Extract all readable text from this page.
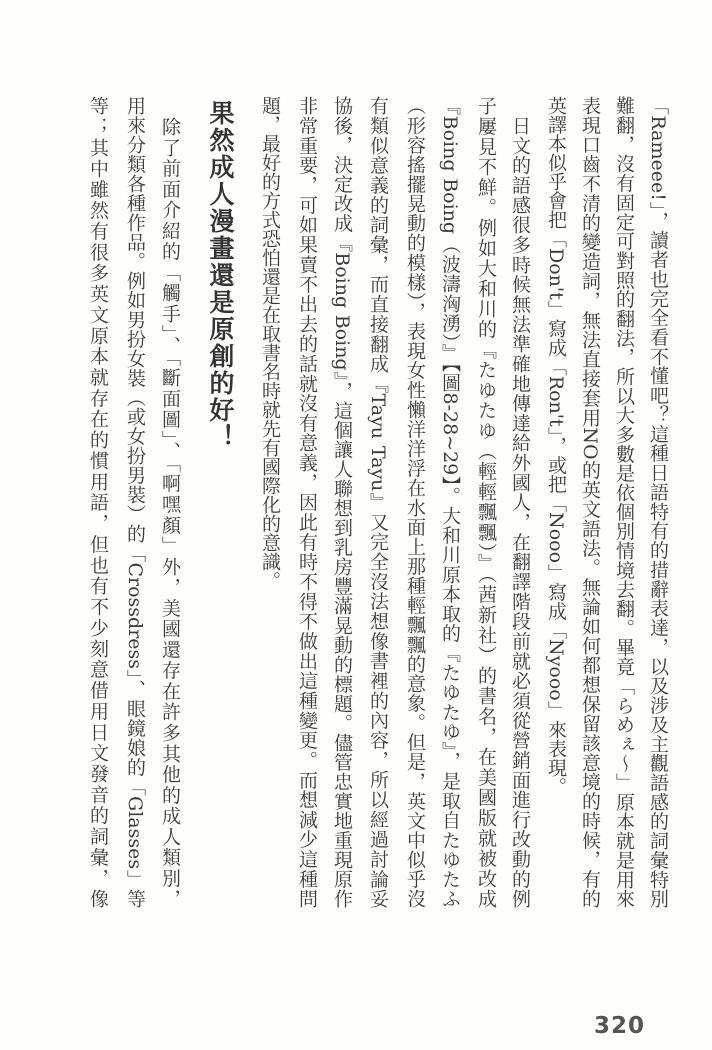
「Rameee!」，讀者也完全看不懂吧？這種日語特有的措辭表達，以及涉及主觀語感的詞彙特別
難翻，沒有固定可對照的翻法，所以大多數是依個別情境去翻。畢竟「らめぇ～」原本就是用來
表現口齒不清的變造詞，無法直接套用NO的英文語法。無論如何都想保留該意境的時候，有的
英譯本似乎會把「Don't」寫成「Ron't」，或把「Nooo」寫成「Nyooo」來表現。
　日文的語感很多時候無法準確地傳達給外國人，在翻譯階段前就必須從營銷面進行改動的例
子屢見不鮮。例如大和川的『たゆたゆ（輕輕飄飄）』（茜新社）的書名，在美國版就被改成
『Boing Boing（波濤洶湧）』【圖8-28~29】。大和川原本取的『たゆたゆ』，是取自たゆたふ
（形容搖擺晃動的模樣），表現女性懶洋洋浮在水面上那種輕飄飄的意象。但是，英文中似乎沒
有類似意義的詞彙，而直接翻成『Tayu Tayu』又完全沒法想像書裡的內容，所以經過討論妥
協後，決定改成『Boing Boing』，這個讓人聯想到乳房豐滿晃動的標題。儘管忠實地重現原作
非常重要，可如果賣不出去的話就沒有意義，因此有時不得不做出這種變更。而想減少這種問
題，最好的方式恐怕還是在取書名時就先有國際化的意識。
果然成人漫畫還是原創的好！
　除了前面介紹的「觸手」、「斷面圖」、「啊嘿顏」外，美國還存在許多其他的成人類別，
用來分類各種作品。例如男扮女裝（或女扮男裝）的「Crossdress」、眼鏡娘的「Glasses」等
等；其中雖然有很多英文原本就存在的慣用語，但也有不少刻意借用日文發音的詞彙，像
320
